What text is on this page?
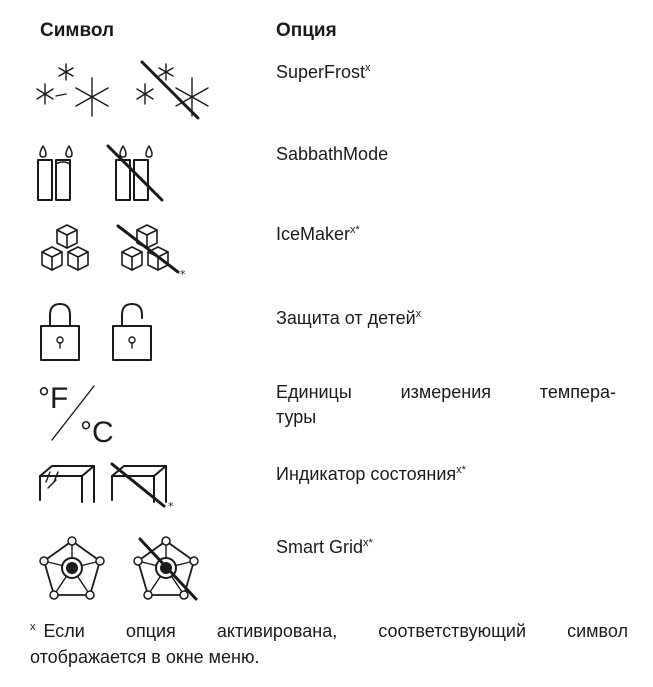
Символ	Опция
SuperFrost$^x$
SabbathMode
*
IceMaker$^{x*}$
Защита от детей$^x$
°F
°C
Единицы измерения темпера-
туры
*
Индикатор состояния$^{x*}$
Smart Grid$^{x*}$
$^x$ Если опция активирована, соответствующий символ
отображается в окне меню.
